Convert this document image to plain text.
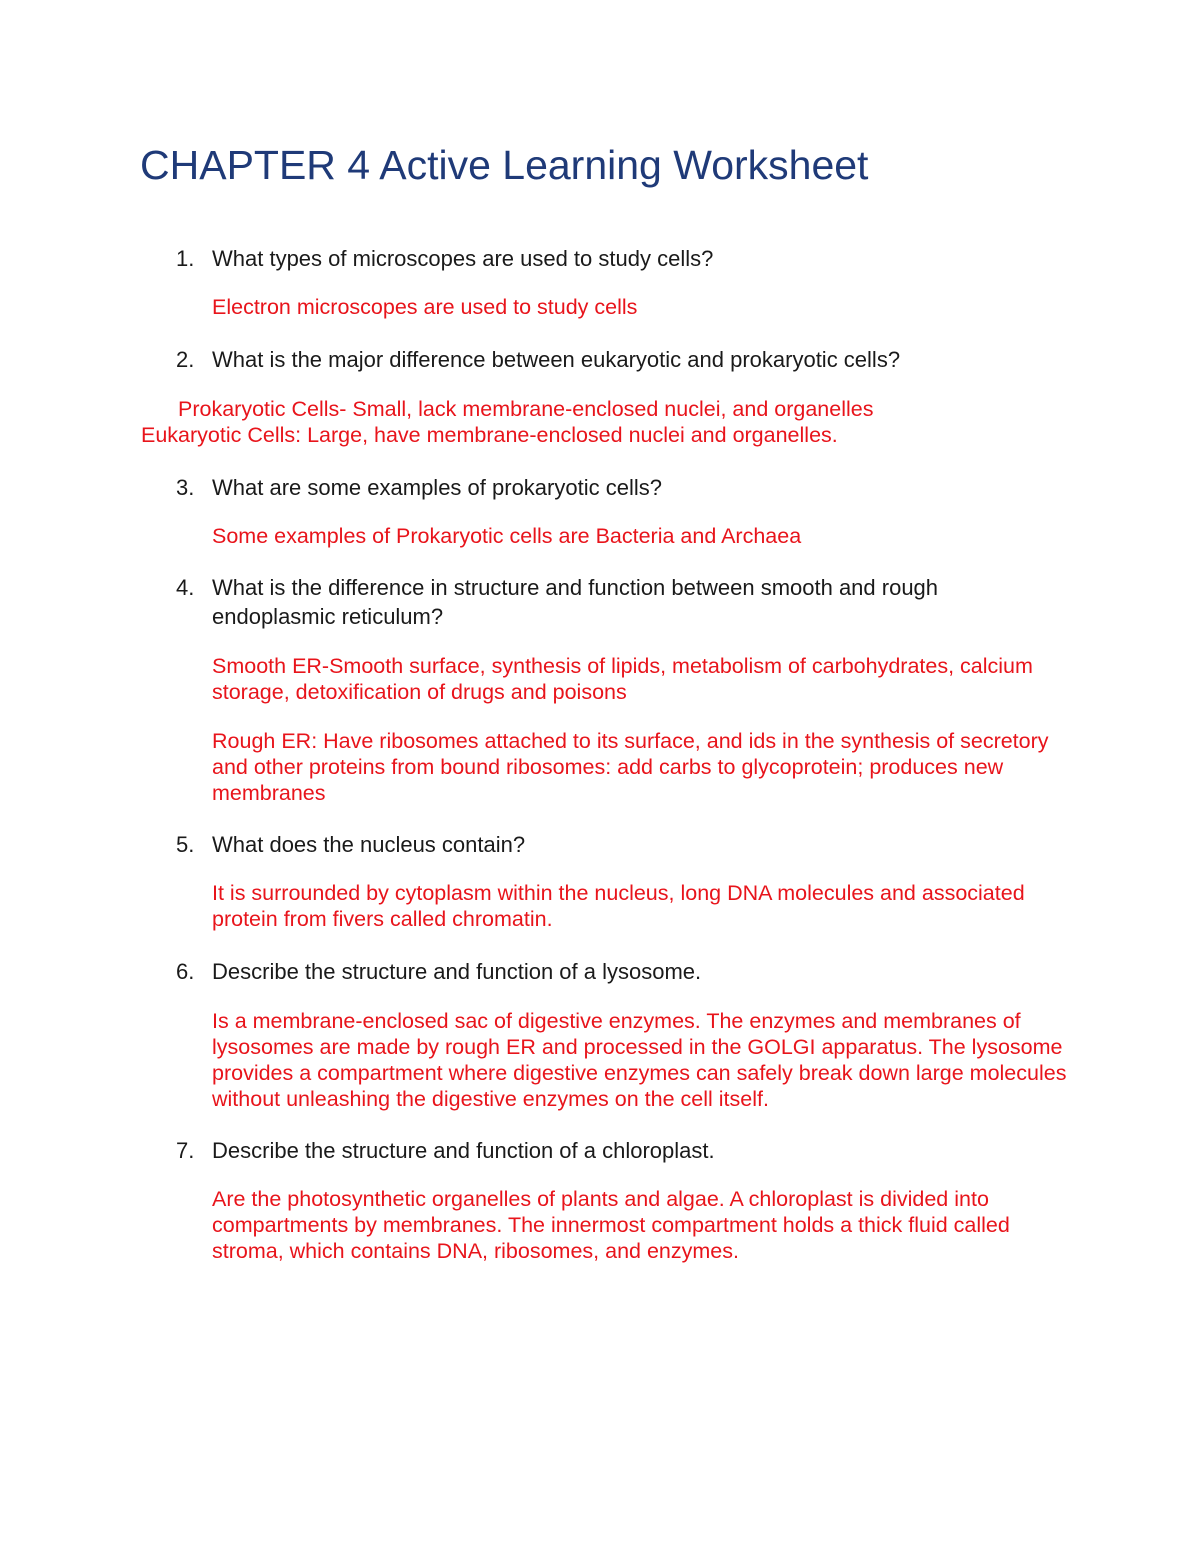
CHAPTER 4 Active Learning Worksheet
1. What types of microscopes are used to study cells?

Electron microscopes are used to study cells

2. What is the major difference between eukaryotic and prokaryotic cells?

Prokaryotic Cells- Small, lack membrane-enclosed nuclei, and organelles

Eukaryotic Cells: Large, have membrane-enclosed nuclei and organelles.

3. What are some examples of prokaryotic cells?

Some examples of Prokaryotic cells are Bacteria and Archaea

4. What is the difference in structure and function between smooth and rough endoplasmic reticulum?

Smooth ER-Smooth surface, synthesis of lipids, metabolism of carbohydrates, calcium storage, detoxification of drugs and poisons

Rough ER: Have ribosomes attached to its surface, and ids in the synthesis of secretory and other proteins from bound ribosomes: add carbs to glycoprotein; produces new membranes

5. What does the nucleus contain?

It is surrounded by cytoplasm within the nucleus, long DNA molecules and associated protein from fivers called chromatin.

6. Describe the structure and function of a lysosome.

Is a membrane-enclosed sac of digestive enzymes. The enzymes and membranes of lysosomes are made by rough ER and processed in the GOLGI apparatus. The lysosome provides a compartment where digestive enzymes can safely break down large molecules without unleashing the digestive enzymes on the cell itself.

7. Describe the structure and function of a chloroplast.

Are the photosynthetic organelles of plants and algae. A chloroplast is divided into compartments by membranes. The innermost compartment holds a thick fluid called stroma, which contains DNA, ribosomes, and enzymes.
